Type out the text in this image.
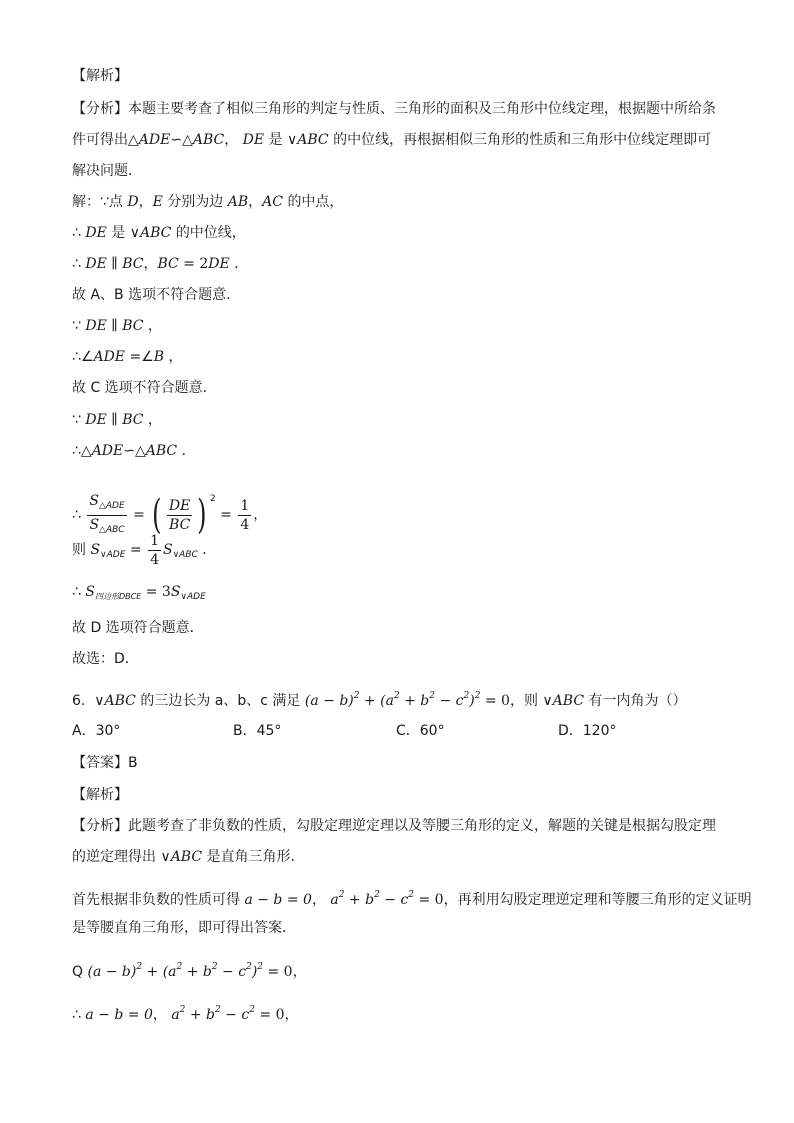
【解析】
【分析】本题主要考查了相似三角形的判定与性质、三角形的面积及三角形中位线定理，根据题中所给条
件可得出△ADE∽△ABC， DE 是 ∨ABC 的中位线，再根据相似三角形的性质和三角形中位线定理即可
解决问题．
解：∵点 D，E 分别为边 AB，AC 的中点，
∴ DE 是 ∨ABC 的中位线，
∴ DE ∥ BC，BC = 2DE ．
故 A、B 选项不符合题意．
∵ DE ∥ BC ，
∴∠ADE =∠B ，
故 C 选项不符合题意．
∵ DE ∥ BC ，
∴△ADE∽△ABC ．
∴ $\frac{S_{\triangle ADE}}{S_{\triangle ABC}}$ = ( $\frac{DE}{BC}$ ) $^2 = \frac{1}{4}$ ，
则 $S_{\vee ADE} = \frac{1}{4} S_{\vee ABC}$ ．
∴ $S_{四边形DBCE} = 3S_{\vee ADE}$
故 D 选项符合题意．
故选：D．
6. ∨ABC 的三边长为 a、b、c 满足 $(a - b)^2 + (a^2 + b^2 - c^2)^2 = 0$，则 ∨ABC 有一内角为（）
A．30°	B．45°	C．60°	D．120°
【答案】B
【解析】
【分析】此题考查了非负数的性质，勾股定理逆定理以及等腰三角形的定义，解题的关键是根据勾股定理
的逆定理得出 ∨ABC 是直角三角形．
首先根据非负数的性质可得 a − b = 0， $a^2 + b^2 - c^2 = 0$，再利用勾股定理逆定理和等腰三角形的定义证明
是等腰直角三角形，即可得出答案．
Q $(a - b)^2 + (a^2 + b^2 - c^2)^2 = 0$，
∴ a − b = 0， $a^2 + b^2 - c^2 = 0$，
